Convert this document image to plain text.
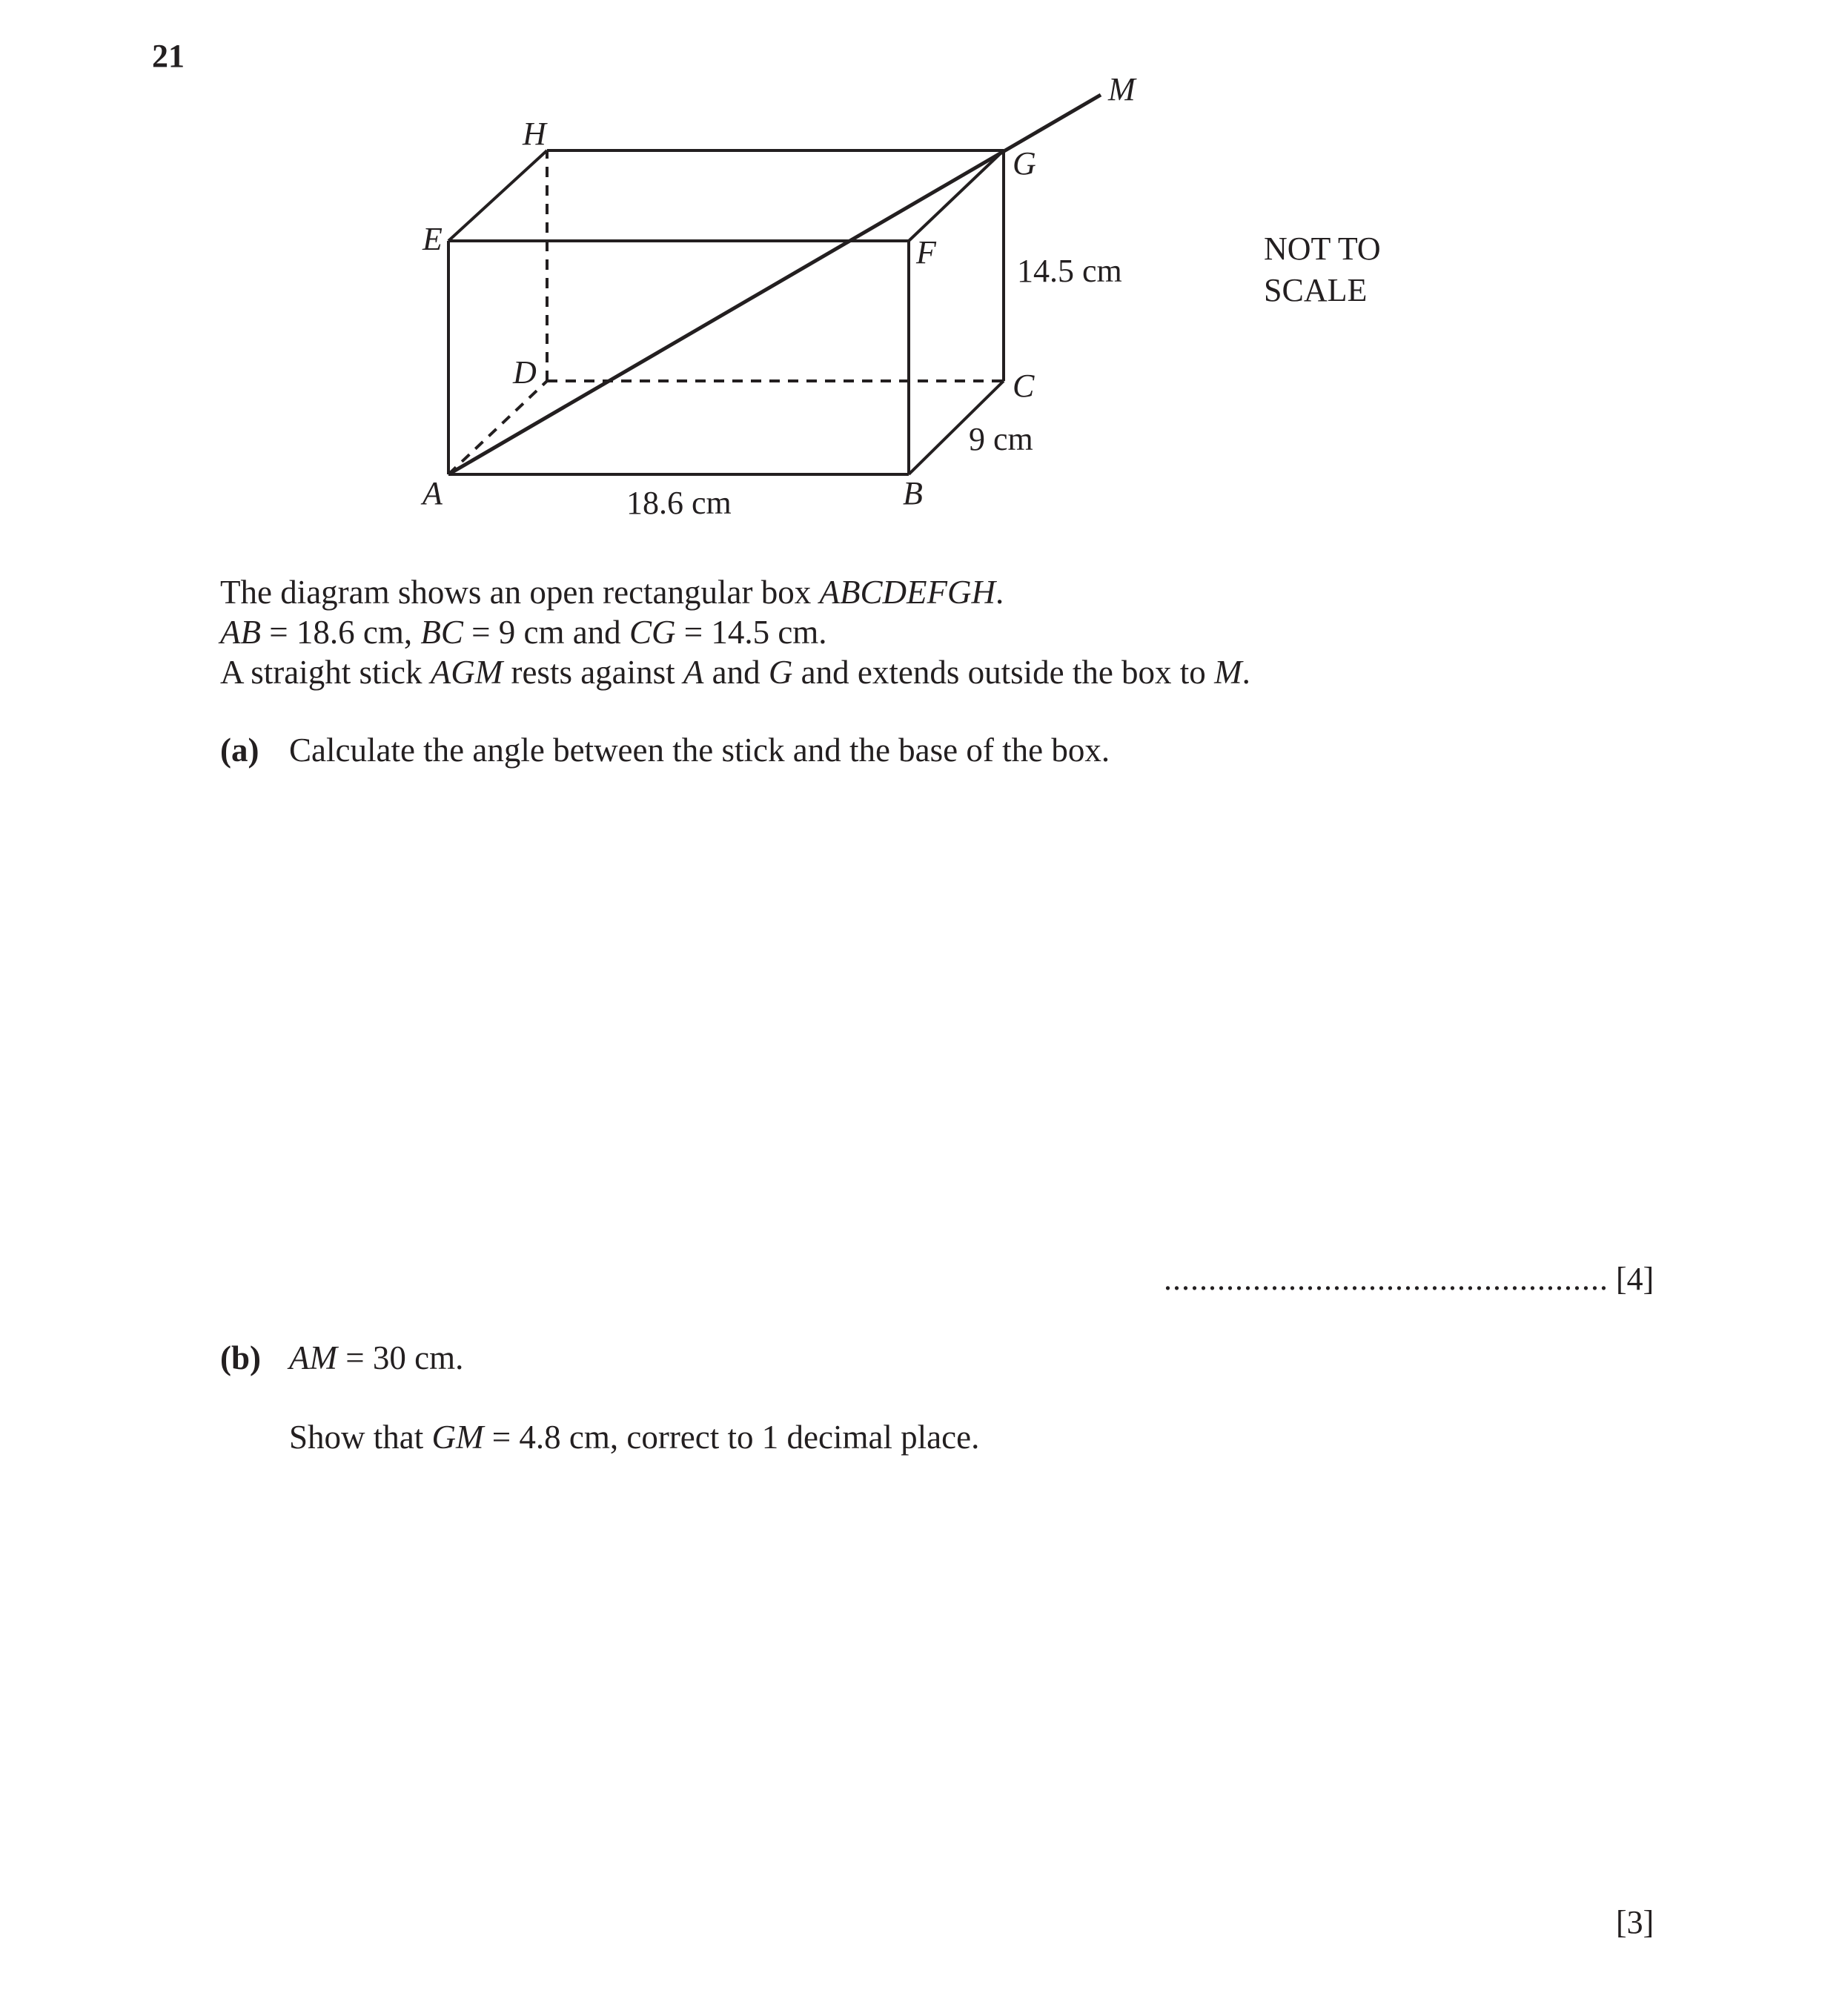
21
A	B
C
D
E	F
G
H
M
18.6 cm
9 cm
14.5 cm
NOT TO
SCALE
The diagram shows an open rectangular box ABCDEFGH.
AB = 18.6 cm, BC = 9 cm and CG = 14.5 cm.
A straight stick AGM rests against A and G and extends outside the box to M.
(a) Calculate the angle between the stick and the base of the box.
.................................................. [4]
(b) AM = 30 cm.
Show that GM = 4.8 cm, correct to 1 decimal place.
[3]
